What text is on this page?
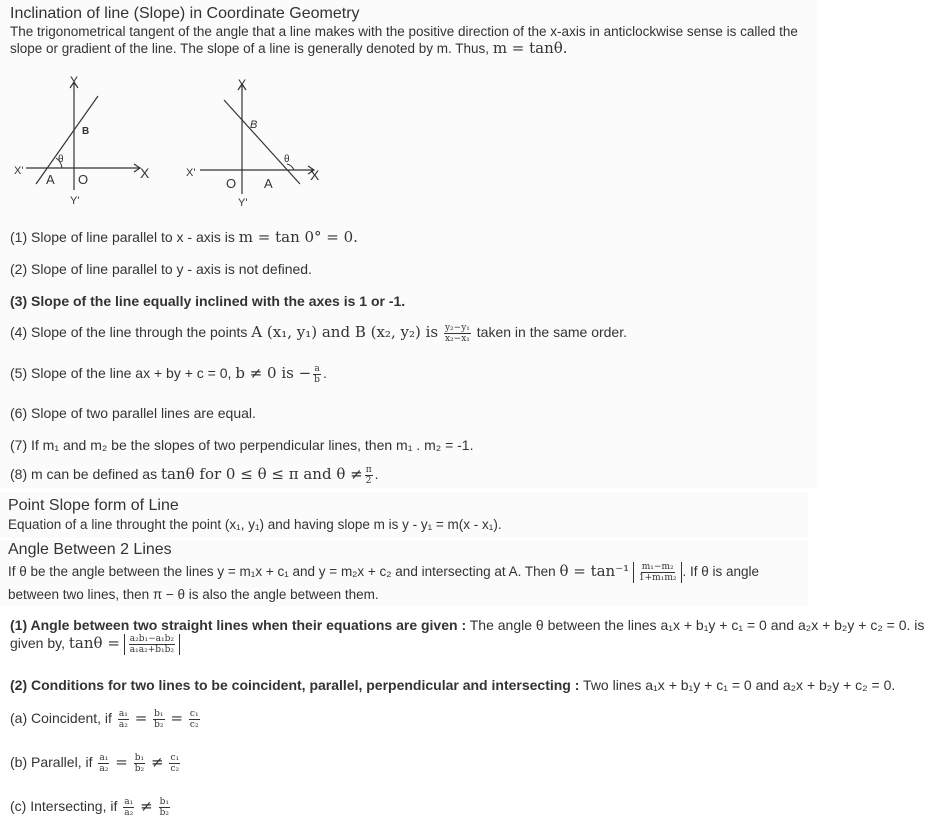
Inclination of line (Slope) in Coordinate Geometry
The trigonometrical tangent of the angle that a line makes with the positive direction of the x-axis in anticlockwise sense is called the slope or gradient of the line. The slope of a line is generally denoted by m. Thus, m = tanθ.
Y
Y'
X'	X
B
A O
θ
Y
Y'
X'	X
B
A
O
θ
(1) Slope of line parallel to x - axis is m = tan 0° = 0.
(2) Slope of line parallel to y - axis is not defined.
(3) Slope of the line equally inclined with the axes is 1 or -1.
(4) Slope of the line through the points A (x₁, y₁) and B (x₂, y₂) is $\frac{\text{y₂−y₁}}{\text{x₂−x₁}}$ taken in the same order.
(5) Slope of the line ax + by + c = 0, b ≠ 0 is − $\frac{a}{b}$ .
(6) Slope of two parallel lines are equal.
(7) If m₁ and m₂ be the slopes of two perpendicular lines, then m₁ . m₂ = -1.
(8) m can be defined as tanθ for 0 ≤ θ ≤ π and $\theta \ne \frac{\pi}{2}$ .
Point Slope form of Line
Equation of a line throught the point (x₁, y₁) and having slope m is y - y₁ = m(x - x₁).
Angle Between 2 Lines
If θ be the angle between the lines y = m₁x + c₁ and y = m₂x + c₂ and intersecting at A. Then $\theta = \tan^{-1} \frac{\text{m₁−m₂}}{\text{1+m₁m₂}}$ . If θ is angle
between two lines, then π − θ is also the angle between them.
(1) Angle between two straight lines when their equations are given : The angle θ between the lines a₁x + b₁y + c₁ = 0 and a₂x + b₂y + c₂ = 0. is
given by, $\tan\theta = \frac{\text{a₂b₁−a₁b₂}}{\text{a₁a₂+b₁b₂}}$
(2) Conditions for two lines to be coincident, parallel, perpendicular and intersecting : Two lines a₁x + b₁y + c₁ = 0 and a₂x + b₂y + c₂ = 0.
(a) Coincident, if $\frac{\text{a₁}}{\text{a₂}} = \frac{\text{b₁}}{\text{b₂}} = \frac{\text{c₁}}{\text{c₂}}$
(b) Parallel, if $\frac{\text{a₁}}{\text{a₂}} = \frac{\text{b₁}}{\text{b₂}} \ne \frac{\text{c₁}}{\text{c₂}}$
(c) Intersecting, if $\frac{\text{a₁}}{\text{a₂}} \ne \frac{\text{b₁}}{\text{b₂}}$
